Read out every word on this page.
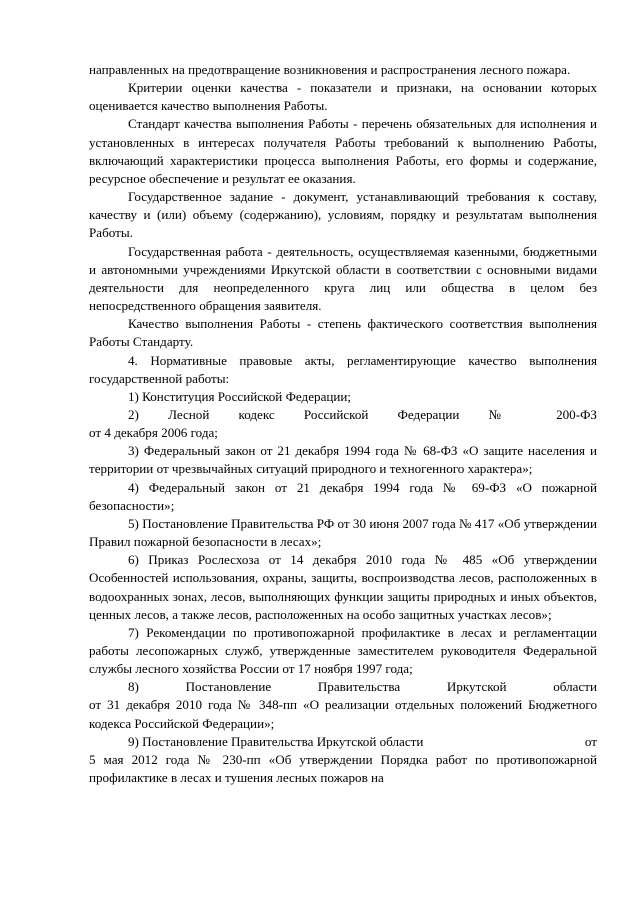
направленных на предотвращение возникновения и распространения лесного пожара.

Критерии оценки качества - показатели и признаки, на основании которых оценивается качество выполнения Работы.

Стандарт качества выполнения Работы - перечень обязательных для исполнения и установленных в интересах получателя Работы требований к выполнению Работы, включающий характеристики процесса выполнения Работы, его формы и содержание, ресурсное обеспечение и результат ее оказания.

Государственное задание - документ, устанавливающий требования к составу, качеству и (или) объему (содержанию), условиям, порядку и результатам выполнения Работы.

Государственная работа - деятельность, осуществляемая казенными, бюджетными и автономными учреждениями Иркутской области в соответствии с основными видами деятельности для неопределенного круга лиц или общества в целом без непосредственного обращения заявителя.

Качество выполнения Работы - степень фактического соответствия выполнения Работы Стандарту.

4. Нормативные правовые акты, регламентирующие качество выполнения государственной работы:

1) Конституция Российской Федерации;

2) Лесной кодекс Российской Федерации № 200-ФЗ
от 4 декабря 2006 года;

3) Федеральный закон от 21 декабря 1994 года № 68-ФЗ «О защите населения и территории от чрезвычайных ситуаций природного и техногенного характера»;

4) Федеральный закон от 21 декабря 1994 года № 69-ФЗ «О пожарной безопасности»;

5) Постановление Правительства РФ от 30 июня 2007 года № 417 «Об утверждении Правил пожарной безопасности в лесах»;

6) Приказ Рослесхоза от 14 декабря 2010 года № 485 «Об утверждении Особенностей использования, охраны, защиты, воспроизводства лесов, расположенных в водоохранных зонах, лесов, выполняющих функции защиты природных и иных объектов, ценных лесов, а также лесов, расположенных на особо защитных участках лесов»;

7) Рекомендации по противопожарной профилактике в лесах и регламентации работы лесопожарных служб, утвержденные заместителем руководителя Федеральной службы лесного хозяйства России от 17 ноября 1997 года;

8) Постановление Правительства Иркутской области
от 31 декабря 2010 года № 348-пп «О реализации отдельных положений Бюджетного кодекса Российской Федерации»;
9) Постановление Правительства Иркутской области	от
5 мая 2012 года № 230-пп «Об утверждении Порядка работ по противопожарной профилактике в лесах и тушения лесных пожаров на
